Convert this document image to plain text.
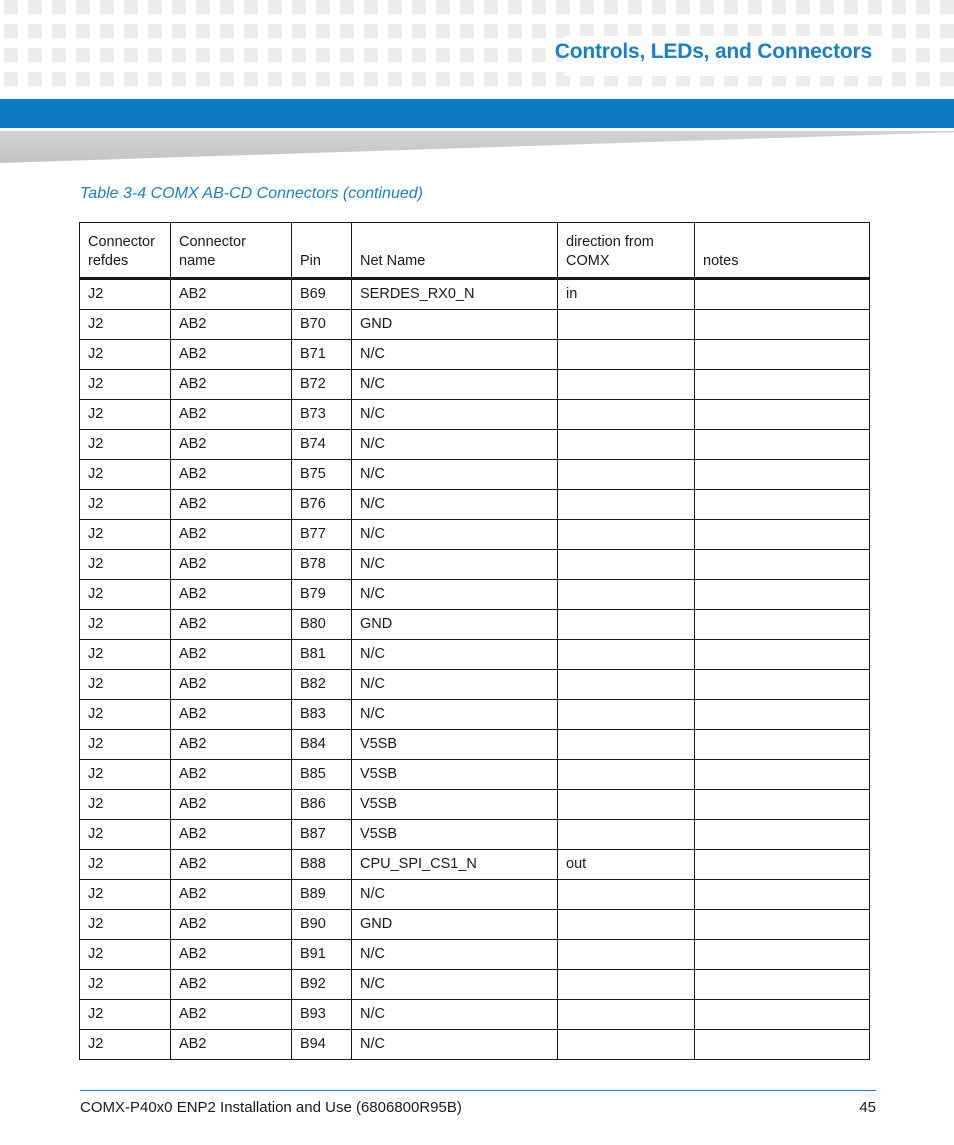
Controls, LEDs, and Connectors
Table 3-4 COMX AB-CD Connectors (continued)
Connector refdes	Connector name	Pin	Net Name	direction from COMX	notes
J2	AB2	B69	SERDES_RX0_N	in	
J2	AB2	B70	GND		
J2	AB2	B71	N/C		
J2	AB2	B72	N/C		
J2	AB2	B73	N/C		
J2	AB2	B74	N/C		
J2	AB2	B75	N/C		
J2	AB2	B76	N/C		
J2	AB2	B77	N/C		
J2	AB2	B78	N/C		
J2	AB2	B79	N/C		
J2	AB2	B80	GND		
J2	AB2	B81	N/C		
J2	AB2	B82	N/C		
J2	AB2	B83	N/C		
J2	AB2	B84	V5SB		
J2	AB2	B85	V5SB		
J2	AB2	B86	V5SB		
J2	AB2	B87	V5SB		
J2	AB2	B88	CPU_SPI_CS1_N	out	
J2	AB2	B89	N/C		
J2	AB2	B90	GND		
J2	AB2	B91	N/C		
J2	AB2	B92	N/C		
J2	AB2	B93	N/C		
J2	AB2	B94	N/C		
COMX-P40x0 ENP2 Installation and Use (6806800R95B)	45
